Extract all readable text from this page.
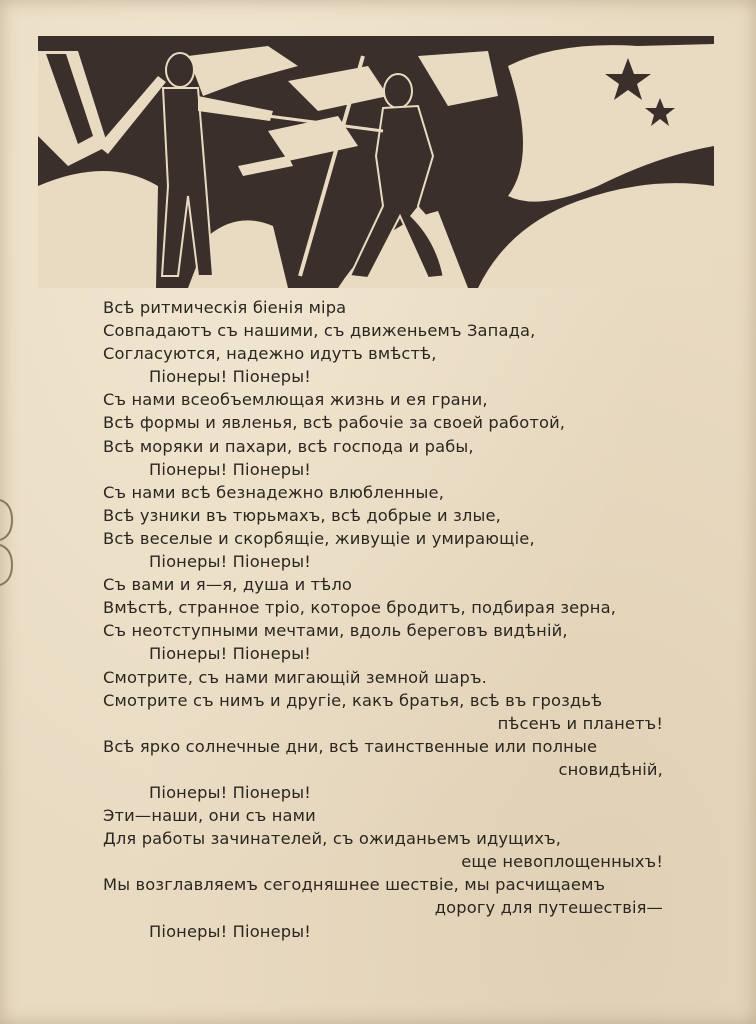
Всѣ ритмическія біенія міра
Совпадаютъ съ нашими, съ движеньемъ Запада,
Согласуются, надежно идутъ вмѣстѣ,
Піонеры! Піонеры!
Съ нами всеобъемлющая жизнь и ея грани,
Всѣ формы и явленья, всѣ рабочіе за своей работой,
Всѣ моряки и пахари, всѣ господа и рабы,
Піонеры! Піонеры!
Съ нами всѣ безнадежно влюбленные,
Всѣ узники въ тюрьмахъ, всѣ добрые и злые,
Всѣ веселые и скорбящіе, живущіе и умирающіе,
Піонеры! Піонеры!
Съ вами и я—я, душа и тѣло
Вмѣстѣ, странное тріо, которое бродитъ, подбирая зерна,
Съ неотступными мечтами, вдоль береговъ видѣній,
Піонеры! Піонеры!
Смотрите, съ нами мигающій земной шаръ.
Смотрите съ нимъ и другіе, какъ братья, всѣ въ гроздьѣ
пѣсенъ и планетъ!
Всѣ ярко солнечные дни, всѣ таинственные или полные
сновидѣній,
Піонеры! Піонеры!
Эти—наши, они съ нами
Для работы зачинателей, съ ожиданьемъ идущихъ,
еще невоплощенныхъ!
Мы возглавляемъ сегодняшнее шествіе, мы расчищаемъ
дорогу для путешествія—
Піонеры! Піонеры!
